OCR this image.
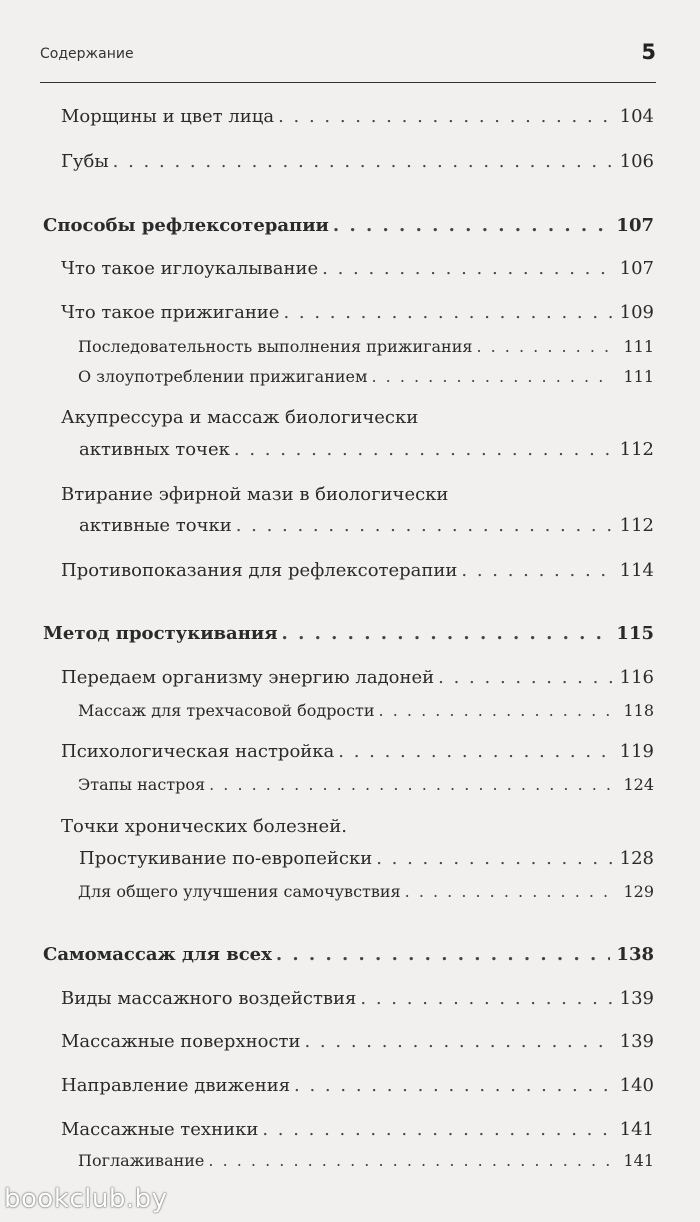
Содержание	5
Морщины и цвет лица . . .	104
Губы . . .	106
Способы рефлексотерапии . . .	107
Что такое иглоукалывание . . .	107
Что такое прижигание . . .	109
Последовательность выполнения прижигания . . .	111
О злоупотреблении прижиганием . . .	111
Акупрессура и массаж биологически
активных точек . . .	112
Втирание эфирной мази в биологически
активные точки . . .	112
Противопоказания для рефлексотерапии . . .	114
Метод простукивания . . .	115
Передаем организму энергию ладоней . . .	116
Массаж для трехчасовой бодрости . . .	118
Психологическая настройка . . .	119
Этапы настроя . . .	124
Точки хронических болезней.
Простукивание по-европейски . . .	128
Для общего улучшения самочувствия . . .	129
Самомассаж для всех . . .	138
Виды массажного воздействия . . .	139
Массажные поверхности . . .	139
Направление движения . . .	140
Массажные техники . . .	141
Поглаживание . . .	141
bookclub.by
